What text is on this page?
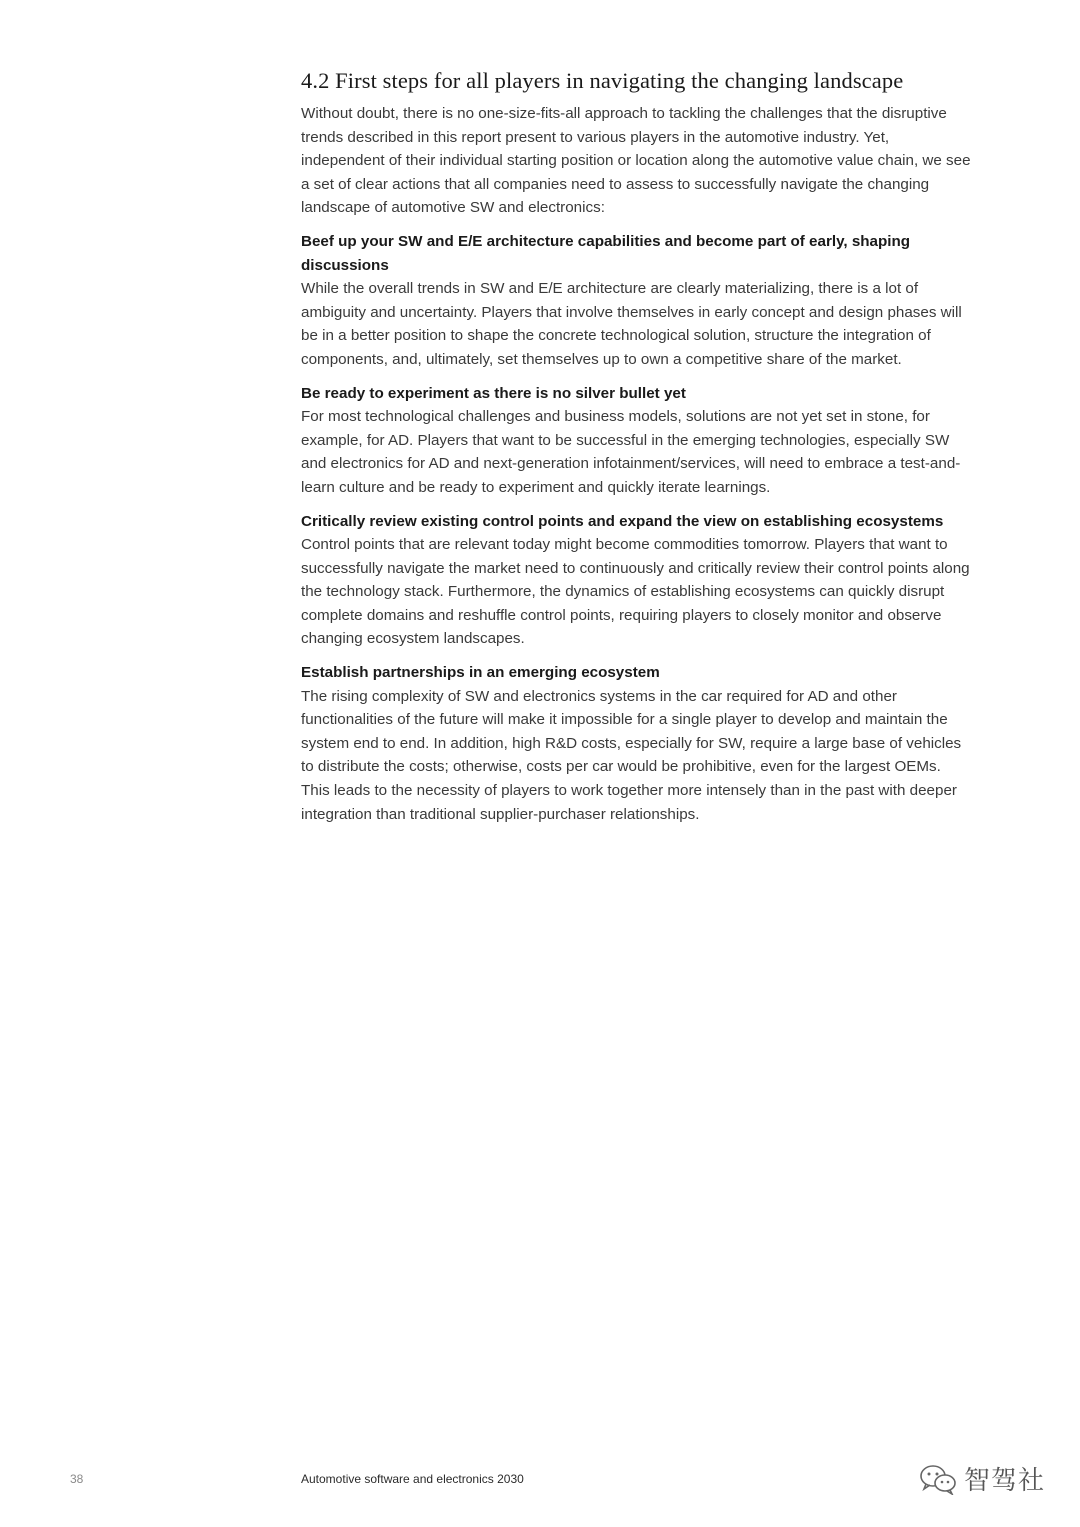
4.2 First steps for all players in navigating the changing landscape

Without doubt, there is no one-size-fits-all approach to tackling the challenges that the disruptive trends described in this report present to various players in the automotive industry. Yet, independent of their individual starting position or location along the automotive value chain, we see a set of clear actions that all companies need to assess to successfully navigate the changing landscape of automotive SW and electronics:

Beef up your SW and E/E architecture capabilities and become part of early, shaping discussions

While the overall trends in SW and E/E architecture are clearly materializing, there is a lot of ambiguity and uncertainty. Players that involve themselves in early concept and design phases will be in a better position to shape the concrete technological solution, structure the integration of components, and, ultimately, set themselves up to own a competitive share of the market.

Be ready to experiment as there is no silver bullet yet

For most technological challenges and business models, solutions are not yet set in stone, for example, for AD. Players that want to be successful in the emerging technologies, especially SW and electronics for AD and next-generation infotainment/services, will need to embrace a test-and-learn culture and be ready to experiment and quickly iterate learnings.

Critically review existing control points and expand the view on establishing ecosystems

Control points that are relevant today might become commodities tomorrow. Players that want to successfully navigate the market need to continuously and critically review their control points along the technology stack. Furthermore, the dynamics of establishing ecosystems can quickly disrupt complete domains and reshuffle control points, requiring players to closely monitor and observe changing ecosystem landscapes.

Establish partnerships in an emerging ecosystem

The rising complexity of SW and electronics systems in the car required for AD and other functionalities of the future will make it impossible for a single player to develop and maintain the system end to end. In addition, high R&D costs, especially for SW, require a large base of vehicles to distribute the costs; otherwise, costs per car would be prohibitive, even for the largest OEMs. This leads to the necessity of players to work together more intensely than in the past with deeper integration than traditional supplier-purchaser relationships.

38	Automotive software and electronics 2030	智驾社
